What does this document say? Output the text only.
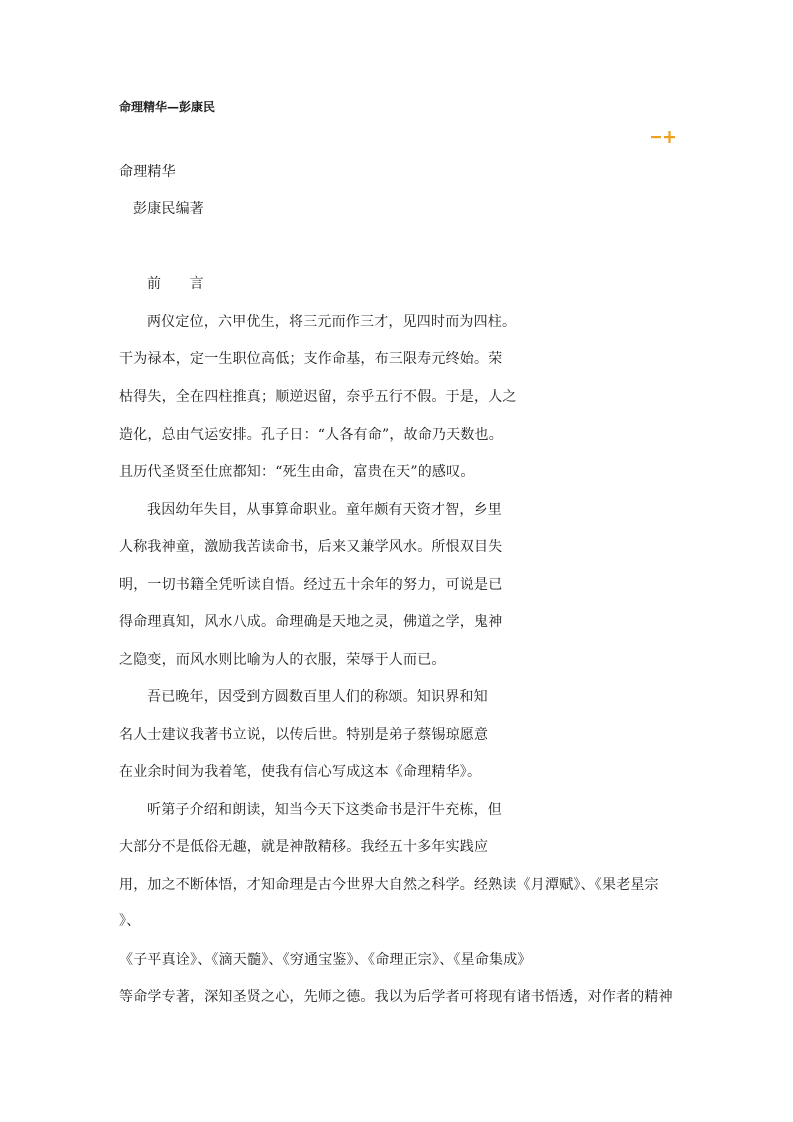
命理精华—彭康民
命理精华
彭康民编著
前　　言
两仪定位，六甲优生，将三元而作三才，见四时而为四柱。
干为禄本，定一生职位高低；支作命基，布三限寿元终始。荣
枯得失，全在四柱推真；顺逆迟留，奈乎五行不假。于是，人之
造化，总由气运安排。孔子日：“人各有命”，故命乃天数也。
且历代圣贤至仕庶都知：“死生由命，富贵在天”的感叹。
我因幼年失目，从事算命职业。童年颇有天资才智，乡里
人称我神童，激励我苦读命书，后来又兼学风水。所恨双目失
明，一切书籍全凭听读自悟。经过五十余年的努力，可说是已
得命理真知，风水八成。命理确是天地之灵，佛道之学，鬼神
之隐变，而风水则比喻为人的衣服，荣辱于人而已。
吾已晚年，因受到方圆数百里人们的称颂。知识界和知
名人士建议我著书立说，以传后世。特别是弟子蔡锡琼愿意
在业余时间为我着笔，使我有信心写成这本《命理精华》。
听第子介绍和朗读，知当今天下这类命书是汗牛充栋，但
大部分不是低俗无趣，就是神散精移。我经五十多年实践应
用，加之不断体悟，才知命理是古今世界大自然之科学。经熟读《月潭赋》、《果老星宗
》、
《子平真诠》、《滴天髓》、《穷通宝鉴》、《命理正宗》、《星命集成》
等命学专著，深知圣贤之心，先师之德。我以为后学者可将现有诸书悟透，对作者的精神
